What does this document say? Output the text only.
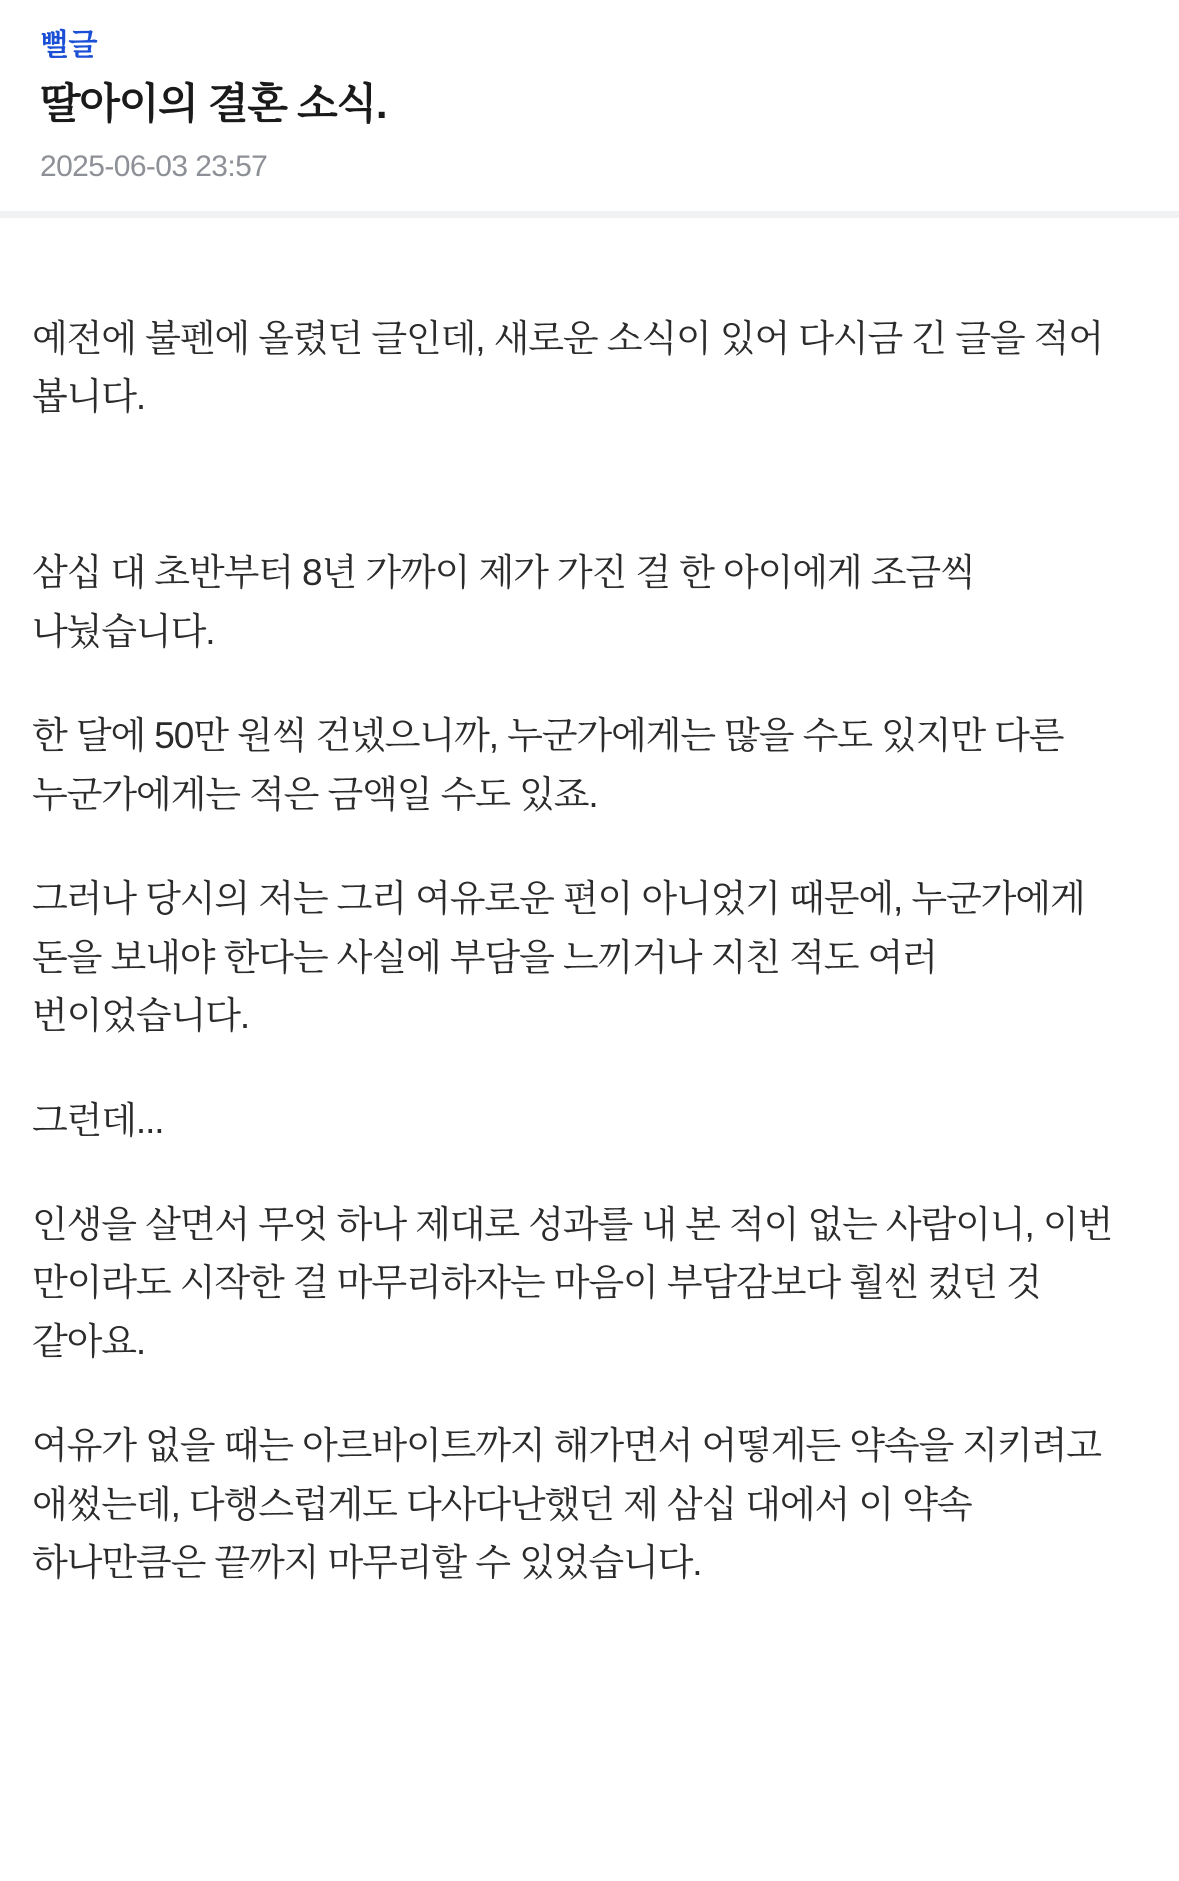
뻘글
딸아이의 결혼 소식.
2025-06-03 23:57

예전에 불펜에 올렸던 글인데, 새로운 소식이 있어 다시금 긴 글을 적어 봅니다.

삼십 대 초반부터 8년 가까이 제가 가진 걸 한 아이에게 조금씩 나눴습니다.

한 달에 50만 원씩 건넸으니까, 누군가에게는 많을 수도 있지만 다른 누군가에게는 적은 금액일 수도 있죠.

그러나 당시의 저는 그리 여유로운 편이 아니었기 때문에, 누군가에게 돈을 보내야 한다는 사실에 부담을 느끼거나 지친 적도 여러 번이었습니다.

그런데...

인생을 살면서 무엇 하나 제대로 성과를 내 본 적이 없는 사람이니, 이번 만이라도 시작한 걸 마무리하자는 마음이 부담감보다 훨씬 컸던 것 같아요.

여유가 없을 때는 아르바이트까지 해가면서 어떻게든 약속을 지키려고 애썼는데, 다행스럽게도 다사다난했던 제 삼십 대에서 이 약속 하나만큼은 끝까지 마무리할 수 있었습니다.
